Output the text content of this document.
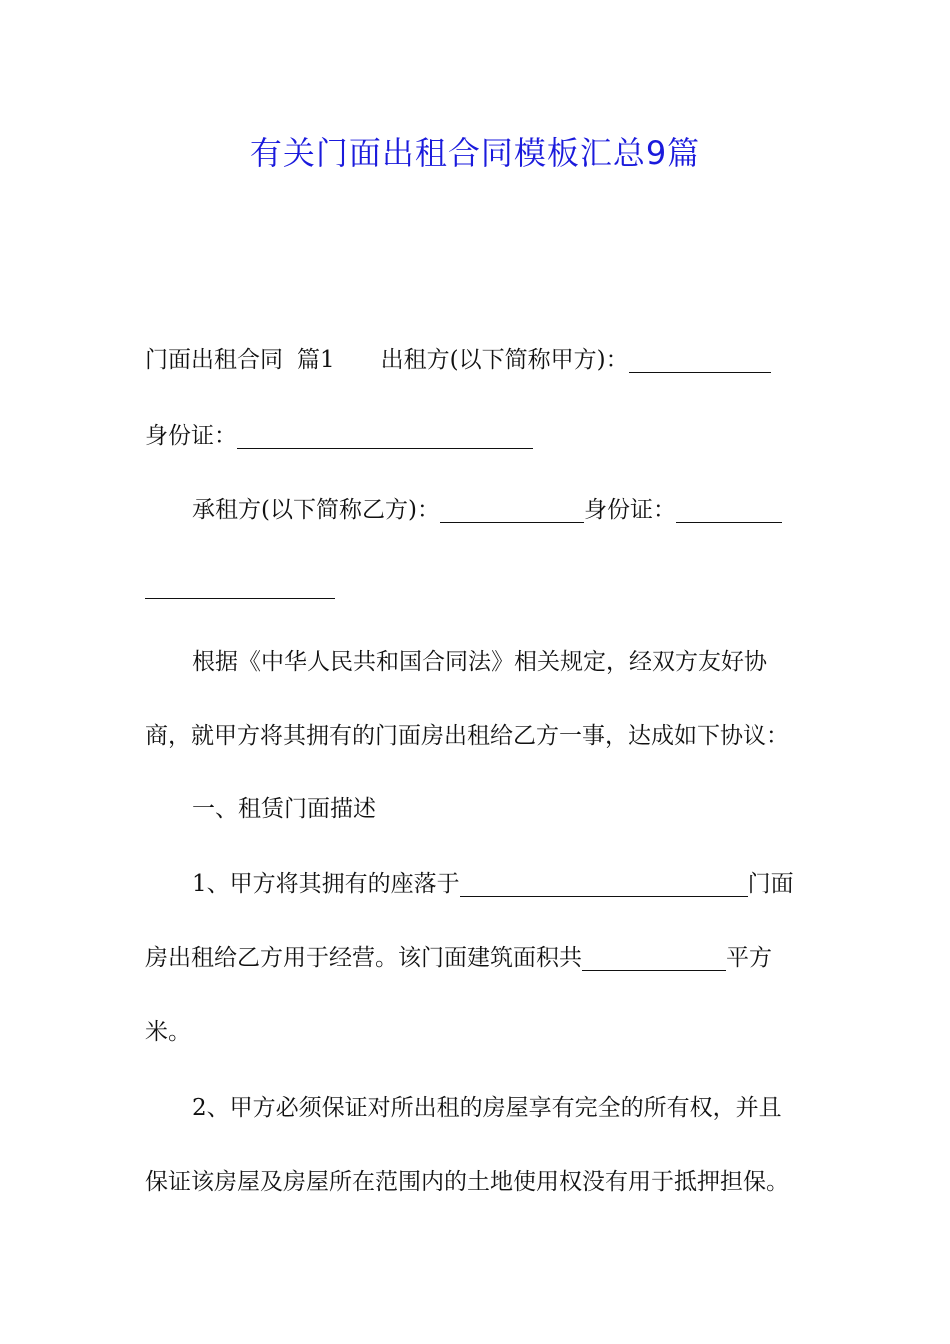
有关门面出租合同模板汇总9篇
门面出租合同 篇1 出租方(以下简称甲方)：
身份证：
承租方(以下简称乙方)：	身份证：
根据《中华人民共和国合同法》相关规定，经双方友好协
商，就甲方将其拥有的门面房出租给乙方一事，达成如下协议：
一、租赁门面描述
1、甲方将其拥有的座落于	门面
房出租给乙方用于经营。该门面建筑面积共	平方
米。
2、甲方必须保证对所出租的房屋享有完全的所有权，并且
保证该房屋及房屋所在范围内的土地使用权没有用于抵押担保。
